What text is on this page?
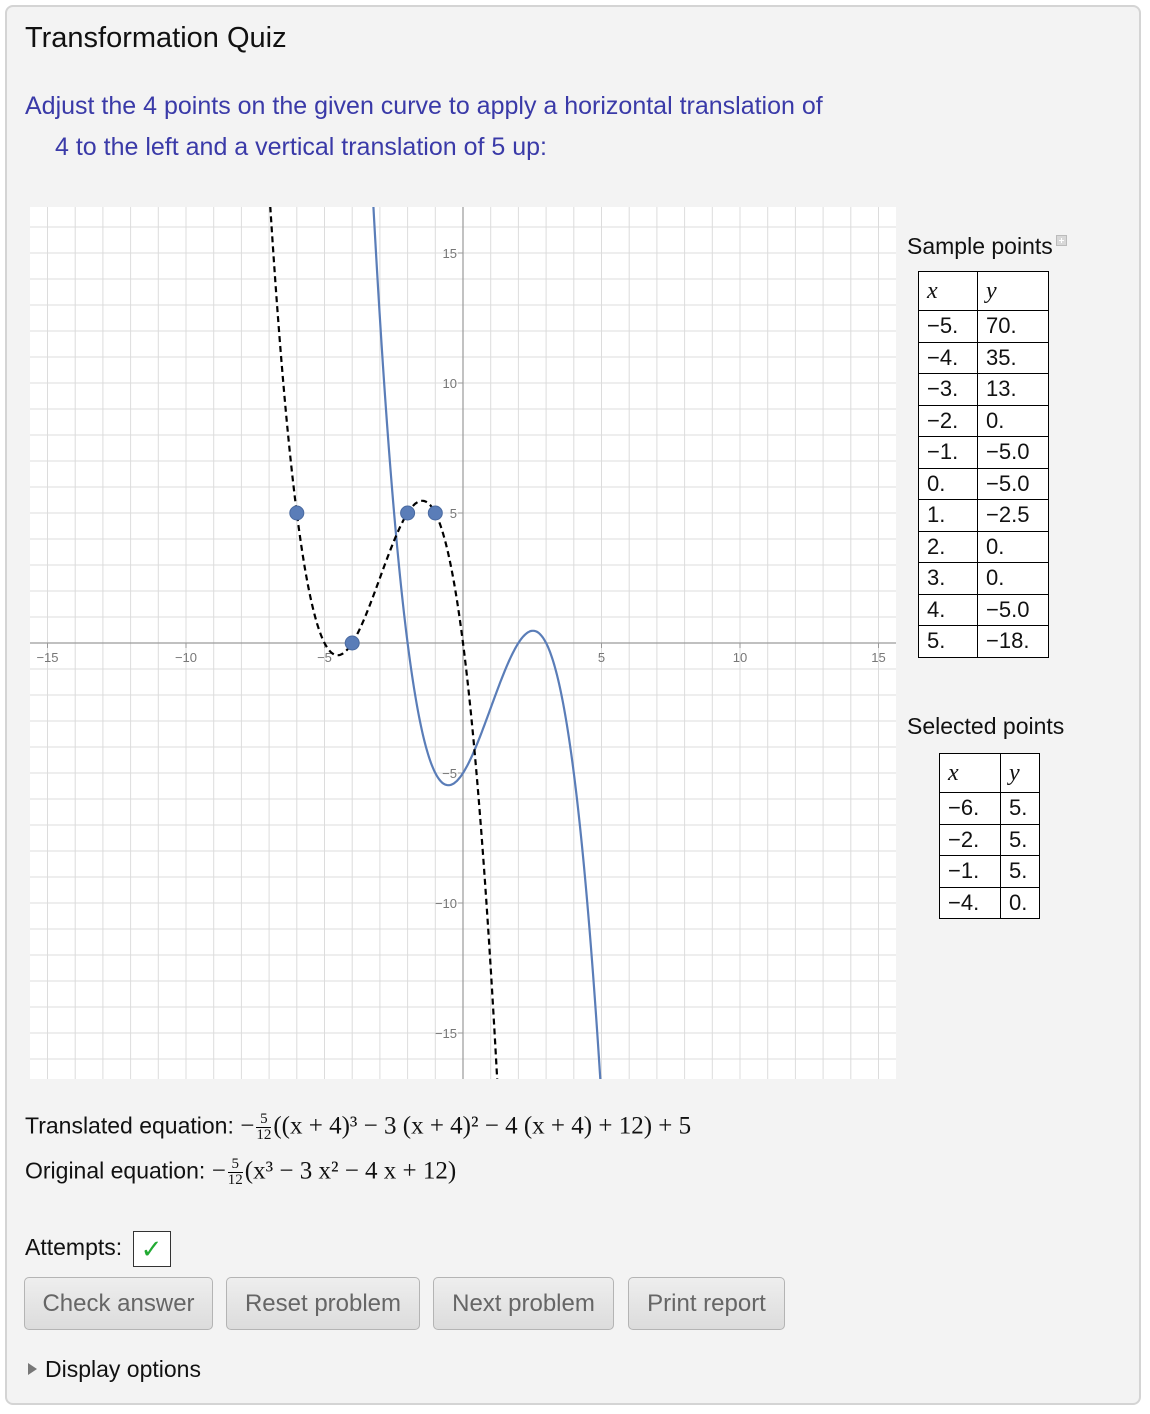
Transformation Quiz
Adjust the 4 points on the given curve to apply a horizontal translation of
4 to the left and a vertical translation of 5 up:
−15	−10	−5	5	10	15
15
10
5
−5
−10
−15
Sample points
x	y
−5.	70.
−4.	35.
−3.	13.
−2.	0.
−1.	−5.0
0.	−5.0
1.	−2.5
2.	0.
3.	0.
4.	−5.0
5.	−18.
Selected points
x	y
−6.	5.
−2.	5.
−1.	5.
−4.	0.
Translated equation: − $\frac{5}{12} ((x + 4)^3 - 3$ (x + 4)² − 4 (x + 4) + 12) + 5
Original equation: − $\frac{5}{12} (x^3 - 3$ x² − 4 x + 12)
Attempts: ✓
Check answer	Reset problem	Next problem	Print report
Display options
